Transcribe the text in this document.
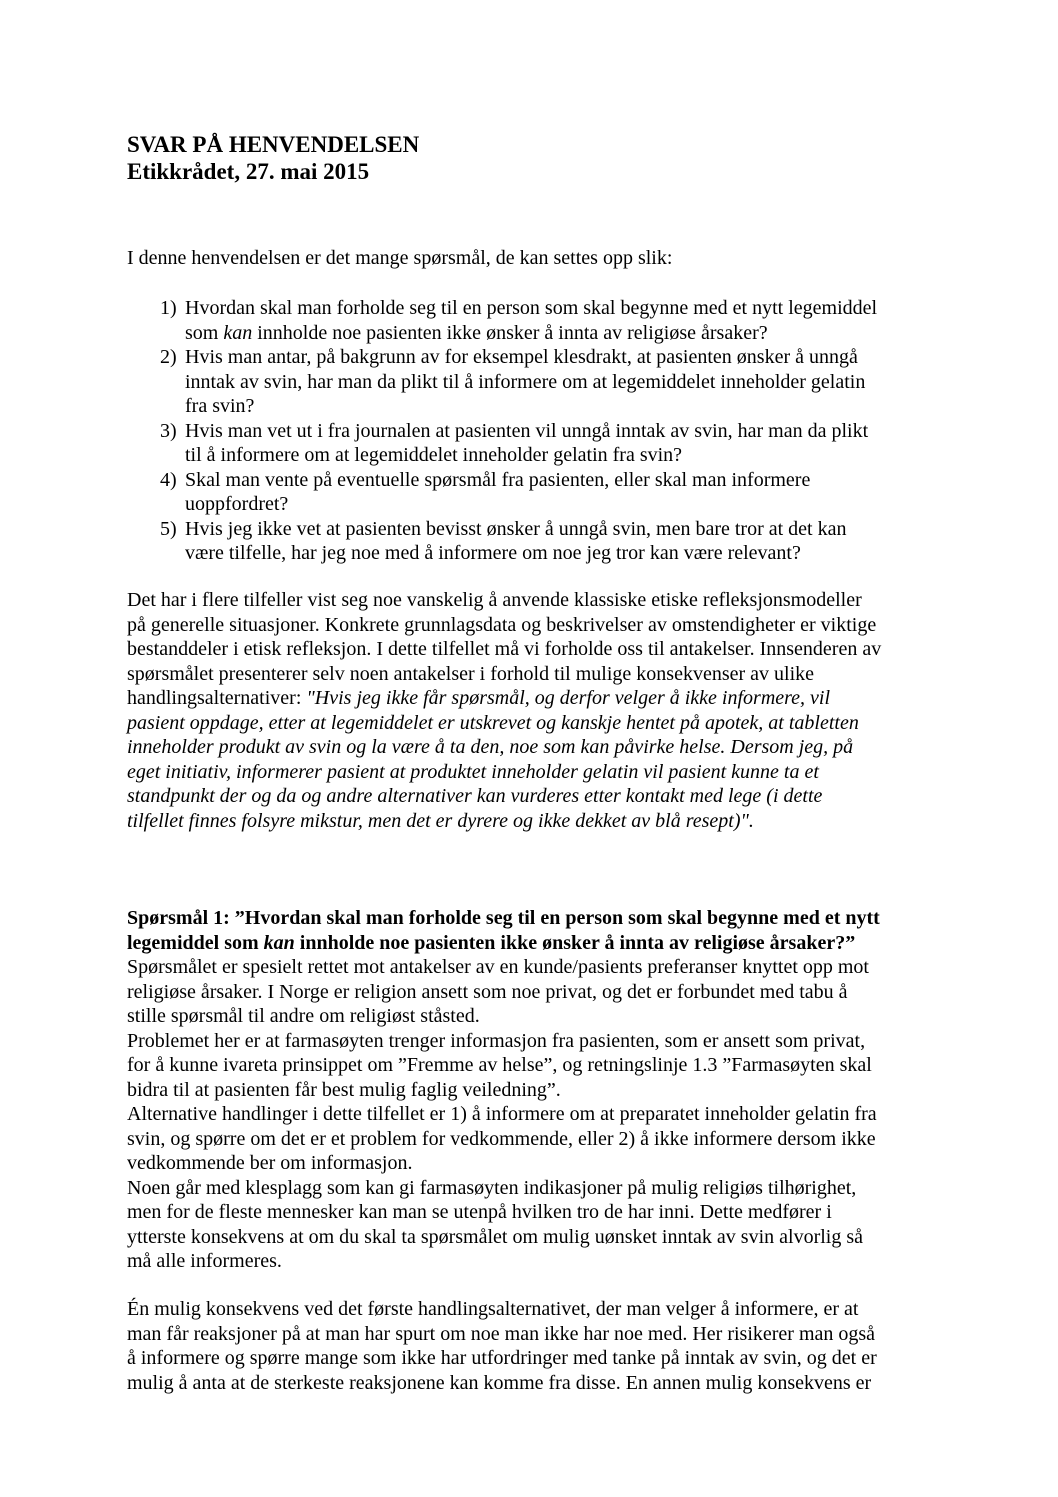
SVAR PÅ HENVENDELSEN
Etikkrådet, 27. mai 2015
I denne henvendelsen er det mange spørsmål, de kan settes opp slik:
1) Hvordan skal man forholde seg til en person som skal begynne med et nytt legemiddel
som kan innholde noe pasienten ikke ønsker å innta av religiøse årsaker?
2) Hvis man antar, på bakgrunn av for eksempel klesdrakt, at pasienten ønsker å unngå
inntak av svin, har man da plikt til å informere om at legemiddelet inneholder gelatin
fra svin?
3) Hvis man vet ut i fra journalen at pasienten vil unngå inntak av svin, har man da plikt
til å informere om at legemiddelet inneholder gelatin fra svin?
4) Skal man vente på eventuelle spørsmål fra pasienten, eller skal man informere
uoppfordret?
5) Hvis jeg ikke vet at pasienten bevisst ønsker å unngå svin, men bare tror at det kan
være tilfelle, har jeg noe med å informere om noe jeg tror kan være relevant?
Det har i flere tilfeller vist seg noe vanskelig å anvende klassiske etiske refleksjonsmodeller
på generelle situasjoner. Konkrete grunnlagsdata og beskrivelser av omstendigheter er viktige
bestanddeler i etisk refleksjon. I dette tilfellet må vi forholde oss til antakelser. Innsenderen av
spørsmålet presenterer selv noen antakelser i forhold til mulige konsekvenser av ulike
handlingsalternativer: "Hvis jeg ikke får spørsmål, og derfor velger å ikke informere, vil
pasient oppdage, etter at legemiddelet er utskrevet og kanskje hentet på apotek, at tabletten
inneholder produkt av svin og la være å ta den, noe som kan påvirke helse. Dersom jeg, på
eget initiativ, informerer pasient at produktet inneholder gelatin vil pasient kunne ta et
standpunkt der og da og andre alternativer kan vurderes etter kontakt med lege (i dette
tilfellet finnes folsyre mikstur, men det er dyrere og ikke dekket av blå resept)".
Spørsmål 1: ”Hvordan skal man forholde seg til en person som skal begynne med et nytt
legemiddel som kan innholde noe pasienten ikke ønsker å innta av religiøse årsaker?”
Spørsmålet er spesielt rettet mot antakelser av en kunde/pasients preferanser knyttet opp mot
religiøse årsaker. I Norge er religion ansett som noe privat, og det er forbundet med tabu å
stille spørsmål til andre om religiøst ståsted.
Problemet her er at farmasøyten trenger informasjon fra pasienten, som er ansett som privat,
for å kunne ivareta prinsippet om ”Fremme av helse”, og retningslinje 1.3 ”Farmasøyten skal
bidra til at pasienten får best mulig faglig veiledning”.
Alternative handlinger i dette tilfellet er 1) å informere om at preparatet inneholder gelatin fra
svin, og spørre om det er et problem for vedkommende, eller 2) å ikke informere dersom ikke
vedkommende ber om informasjon.
Noen går med klesplagg som kan gi farmasøyten indikasjoner på mulig religiøs tilhørighet,
men for de fleste mennesker kan man se utenpå hvilken tro de har inni. Dette medfører i
ytterste konsekvens at om du skal ta spørsmålet om mulig uønsket inntak av svin alvorlig så
må alle informeres.
Én mulig konsekvens ved det første handlingsalternativet, der man velger å informere, er at
man får reaksjoner på at man har spurt om noe man ikke har noe med. Her risikerer man også
å informere og spørre mange som ikke har utfordringer med tanke på inntak av svin, og det er
mulig å anta at de sterkeste reaksjonene kan komme fra disse. En annen mulig konsekvens er
